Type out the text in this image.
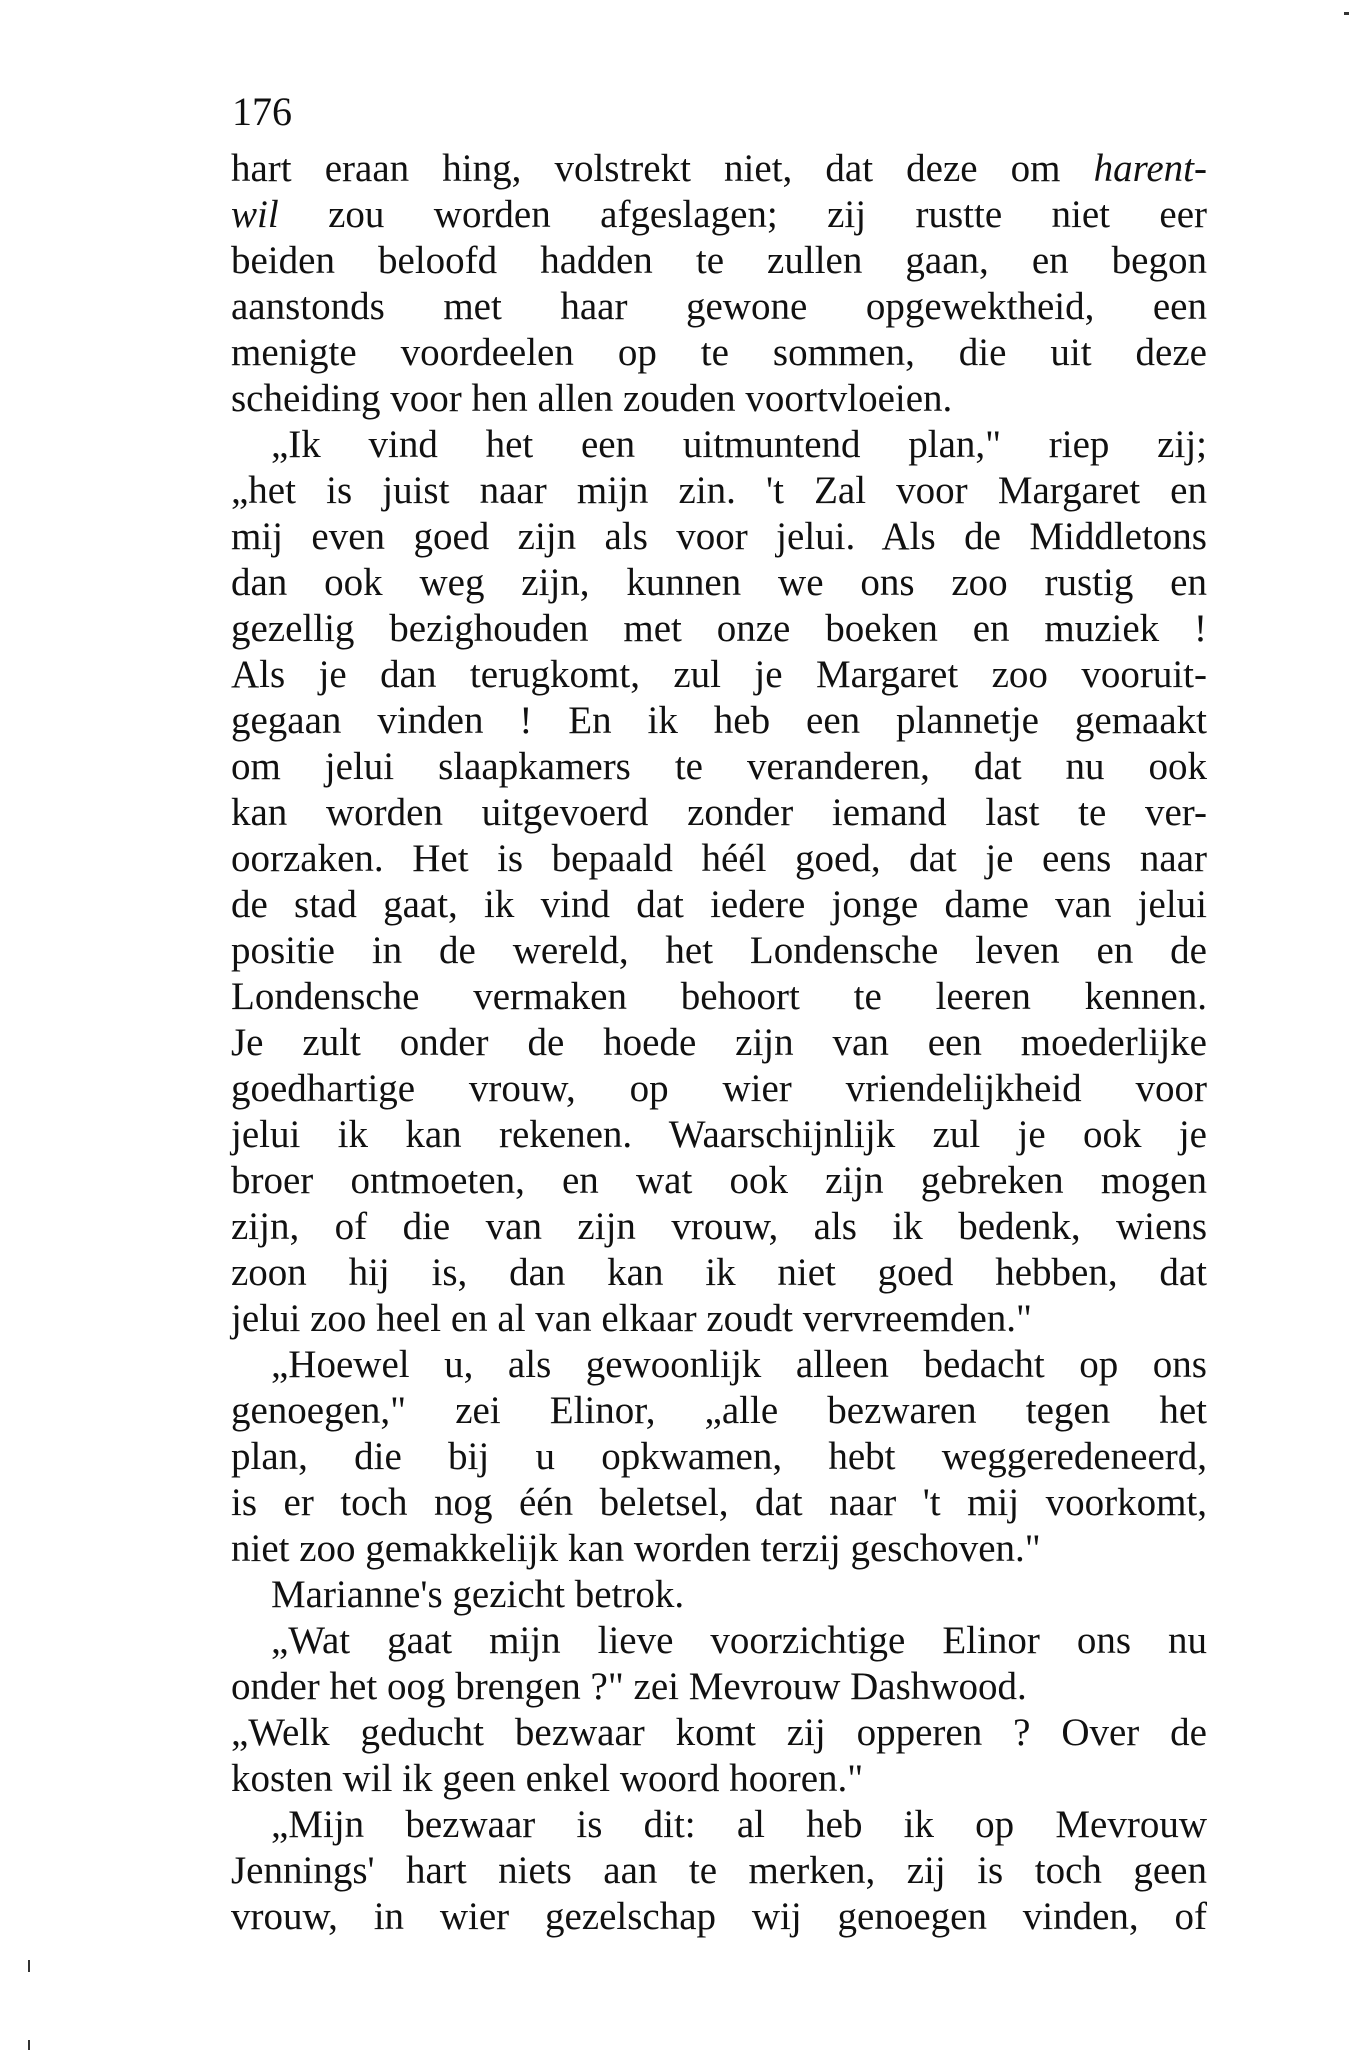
176
hart eraan hing, volstrekt niet, dat deze om harent-
wil zou worden afgeslagen; zij rustte niet eer
beiden beloofd hadden te zullen gaan, en begon
aanstonds met haar gewone opgewektheid, een
menigte voordeelen op te sommen, die uit deze
scheiding voor hen allen zouden voortvloeien.
„Ik vind het een uitmuntend plan," riep zij;
„het is juist naar mijn zin. 't Zal voor Margaret en
mij even goed zijn als voor jelui. Als de Middletons
dan ook weg zijn, kunnen we ons zoo rustig en
gezellig bezighouden met onze boeken en muziek !
Als je dan terugkomt, zul je Margaret zoo vooruit-
gegaan vinden ! En ik heb een plannetje gemaakt
om jelui slaapkamers te veranderen, dat nu ook
kan worden uitgevoerd zonder iemand last te ver-
oorzaken. Het is bepaald héél goed, dat je eens naar
de stad gaat, ik vind dat iedere jonge dame van jelui
positie in de wereld, het Londensche leven en de
Londensche vermaken behoort te leeren kennen.
Je zult onder de hoede zijn van een moederlijke
goedhartige vrouw, op wier vriendelijkheid voor
jelui ik kan rekenen. Waarschijnlijk zul je ook je
broer ontmoeten, en wat ook zijn gebreken mogen
zijn, of die van zijn vrouw, als ik bedenk, wiens
zoon hij is, dan kan ik niet goed hebben, dat
jelui zoo heel en al van elkaar zoudt vervreemden."
„Hoewel u, als gewoonlijk alleen bedacht op ons
genoegen," zei Elinor, „alle bezwaren tegen het
plan, die bij u opkwamen, hebt weggeredeneerd,
is er toch nog één beletsel, dat naar 't mij voorkomt,
niet zoo gemakkelijk kan worden terzij geschoven."
Marianne's gezicht betrok.
„Wat gaat mijn lieve voorzichtige Elinor ons nu
onder het oog brengen ?" zei Mevrouw Dashwood.
„Welk geducht bezwaar komt zij opperen ? Over de
kosten wil ik geen enkel woord hooren."
„Mijn bezwaar is dit: al heb ik op Mevrouw
Jennings' hart niets aan te merken, zij is toch geen
vrouw, in wier gezelschap wij genoegen vinden, of
